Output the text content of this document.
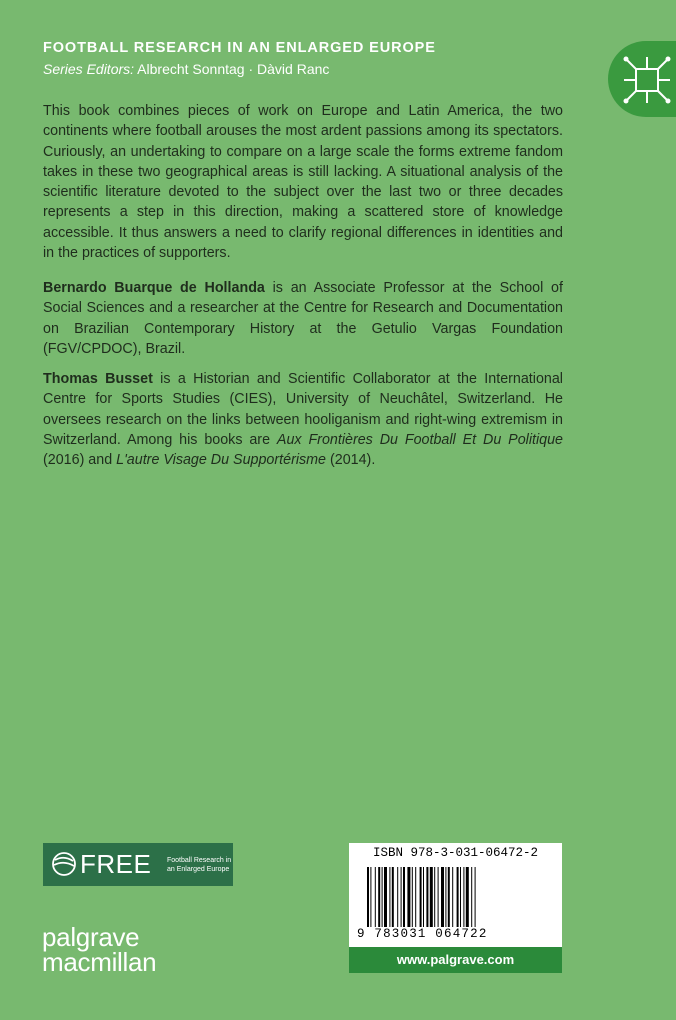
FOOTBALL RESEARCH IN AN ENLARGED EUROPE
Series Editors: Albrecht Sonntag · Dàvid Ranc
This book combines pieces of work on Europe and Latin America, the two continents where football arouses the most ardent passions among its spectators. Curiously, an undertaking to compare on a large scale the forms extreme fandom takes in these two geographical areas is still lacking. A situational analysis of the scientific literature devoted to the subject over the last two or three decades represents a step in this direction, making a scattered store of knowledge accessible. It thus answers a need to clarify regional differences in identities and in the practices of supporters.
Bernardo Buarque de Hollanda is an Associate Professor at the School of Social Sciences and a researcher at the Centre for Research and Documentation on Brazilian Contemporary History at the Getulio Vargas Foundation (FGV/CPDOC), Brazil.
Thomas Busset is a Historian and Scientific Collaborator at the International Centre for Sports Studies (CIES), University of Neuchâtel, Switzerland. He oversees research on the links between hooliganism and right-wing extremism in Switzerland. Among his books are Aux Frontières Du Football Et Du Politique (2016) and L'autre Visage Du Supportérisme (2014).
FREE Football Research in
an Enlarged Europe
palgrave
macmillan
ISBN 978-3-031-06472-2
9 783031 064722
www.palgrave.com
